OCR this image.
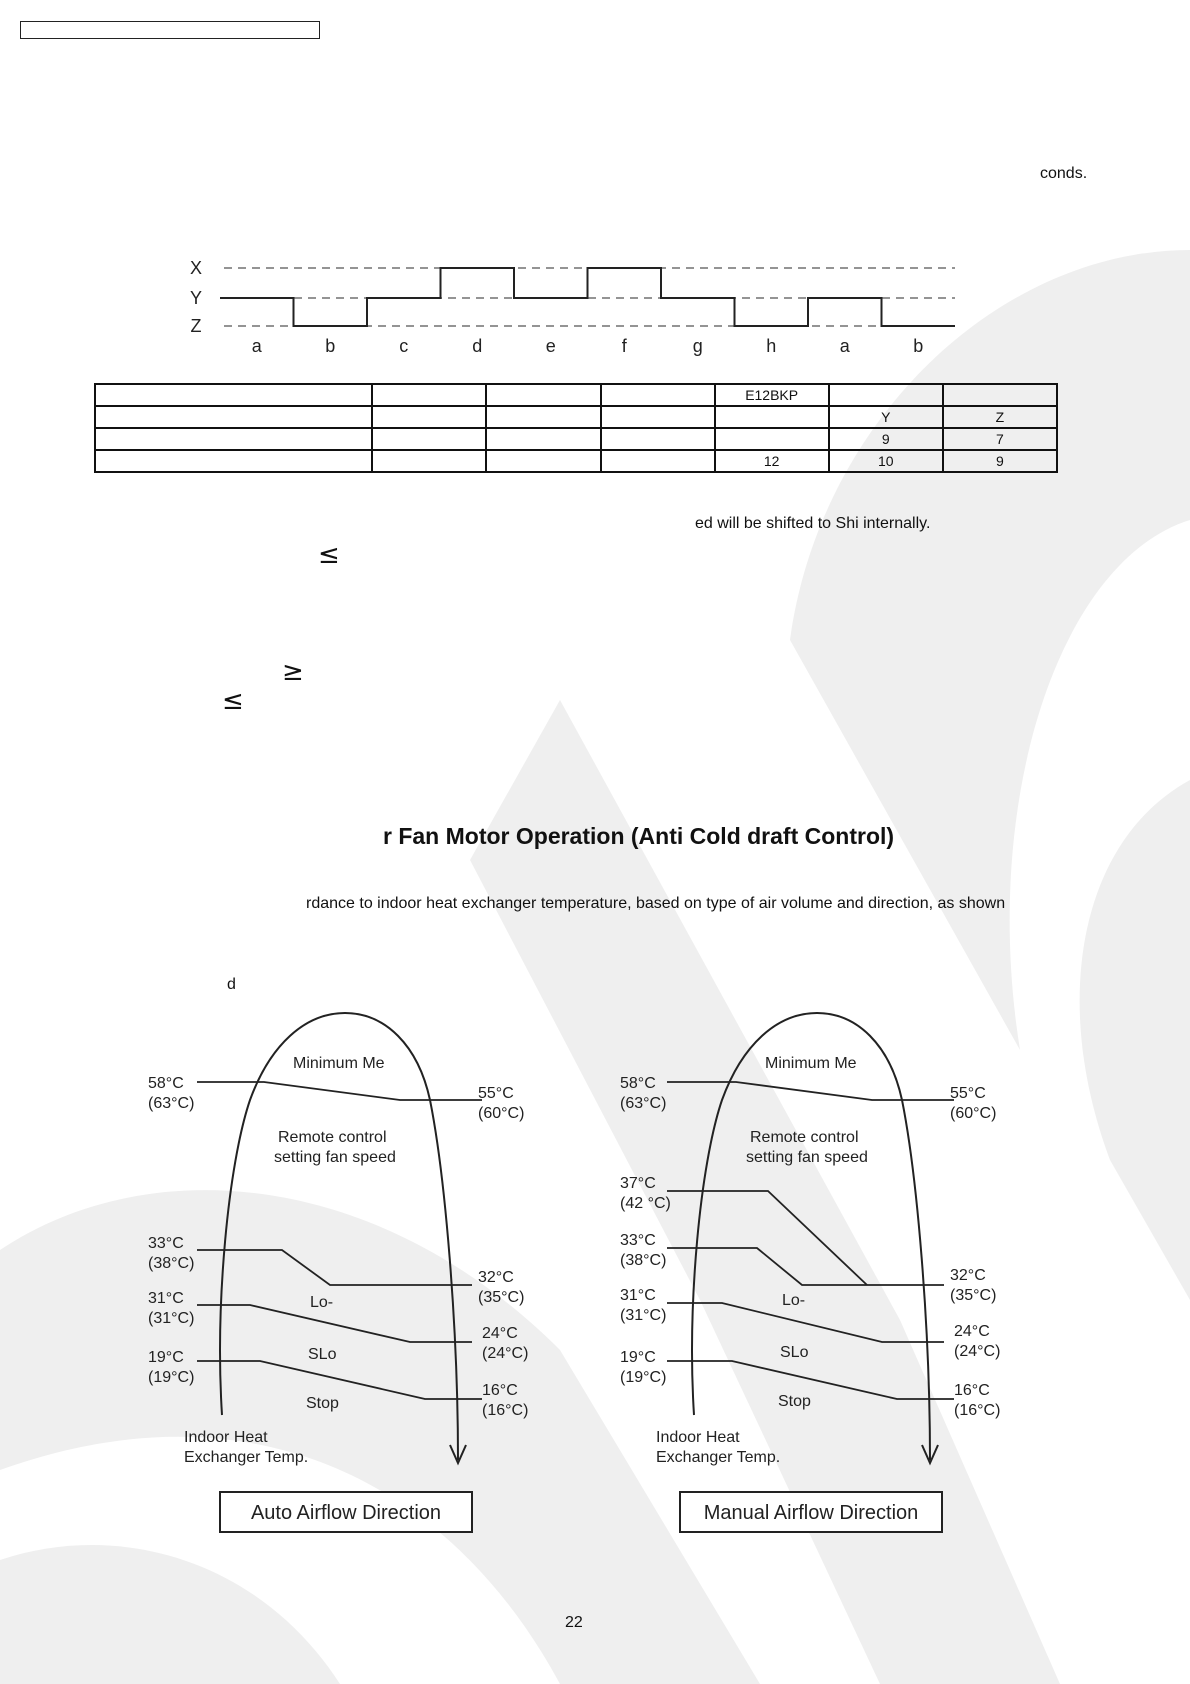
conds.
X
Y
Z
a	b	c	d	e	f	g	h	a	b
				E12BKP		
					Y	Z
					9	7
				12	10	9
ed will be shifted to Shi internally.
≤
≥
≤
r Fan Motor Operation (Anti Cold draft Control)
rdance to indoor heat exchanger temperature, based on type of air volume and direction, as shown
d
Minimum Me
Remote control
setting fan speed
Lo-
SLo
Stop
Indoor Heat
Exchanger Temp.
58°C
(63°C)
33°C
(38°C)
31°C
(31°C)
19°C
(19°C)
55°C
(60°C)
32°C
(35°C)
24°C
(24°C)
16°C
(16°C)
Auto Airflow Direction
Minimum Me
Remote control
setting fan speed
Lo-
SLo
Stop
Indoor Heat
Exchanger Temp.
58°C
(63°C)
37°C
(42 °C)
33°C
(38°C)
31°C
(31°C)
19°C
(19°C)
55°C
(60°C)
32°C
(35°C)
24°C
(24°C)
16°C
(16°C)
Manual Airflow Direction
22
